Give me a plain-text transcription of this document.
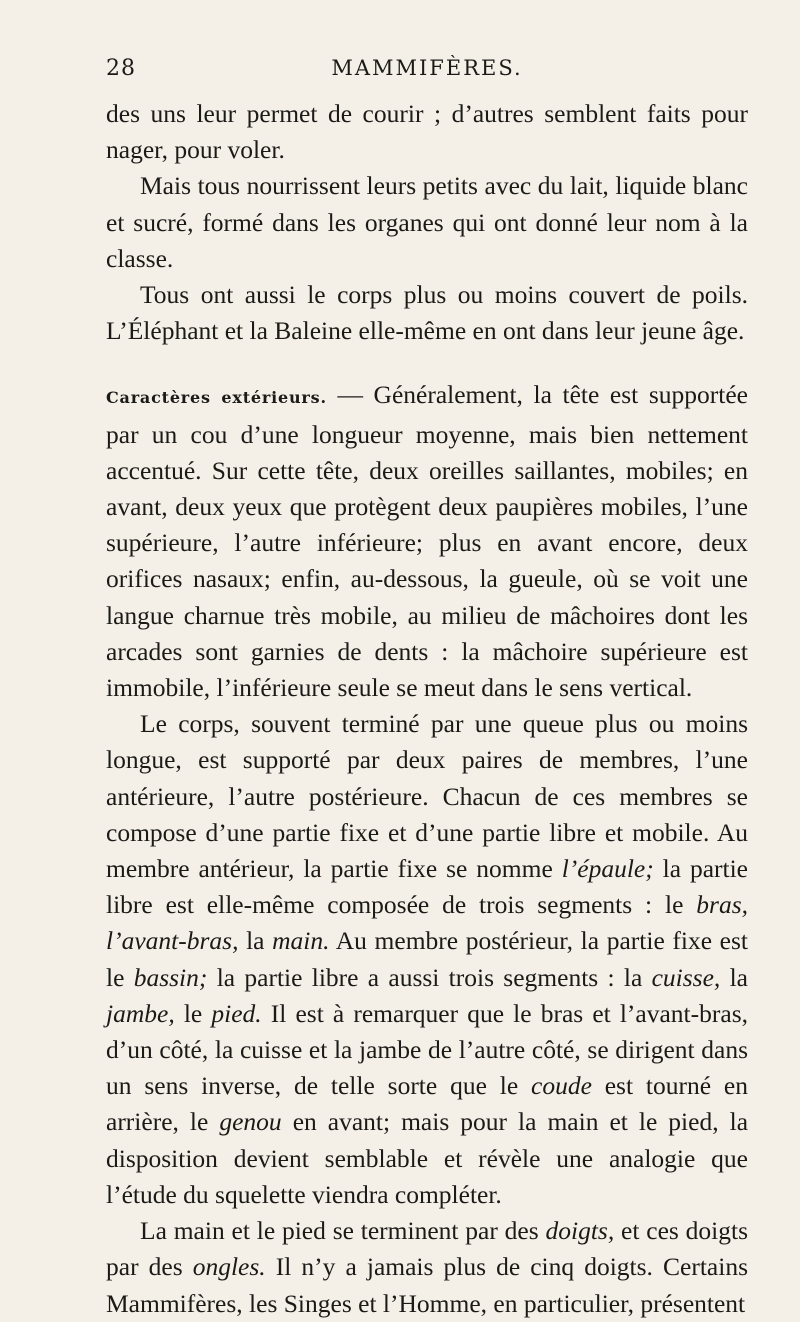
28	MAMMIFÈRES.

des uns leur permet de courir ; d’autres semblent faits pour nager, pour voler.

Mais tous nourrissent leurs petits avec du lait, liquide blanc et sucré, formé dans les organes qui ont donné leur nom à la classe.

Tous ont aussi le corps plus ou moins couvert de poils. L’Éléphant et la Baleine elle-même en ont dans leur jeune âge.

Caractères extérieurs. — Généralement, la tête est supportée par un cou d’une longueur moyenne, mais bien nettement accentué. Sur cette tête, deux oreilles saillantes, mobiles; en avant, deux yeux que protègent deux paupières mobiles, l’une supérieure, l’autre inférieure; plus en avant encore, deux orifices nasaux; enfin, au-dessous, la gueule, où se voit une langue charnue très mobile, au milieu de mâchoires dont les arcades sont garnies de dents : la mâchoire supérieure est immobile, l’inférieure seule se meut dans le sens vertical.

Le corps, souvent terminé par une queue plus ou moins longue, est supporté par deux paires de membres, l’une antérieure, l’autre postérieure. Chacun de ces membres se compose d’une partie fixe et d’une partie libre et mobile. Au membre antérieur, la partie fixe se nomme l’épaule; la partie libre est elle-même composée de trois segments : le bras, l’avant-bras, la main. Au membre postérieur, la partie fixe est le bassin; la partie libre a aussi trois segments : la cuisse, la jambe, le pied. Il est à remarquer que le bras et l’avant-bras, d’un côté, la cuisse et la jambe de l’autre côté, se dirigent dans un sens inverse, de telle sorte que le coude est tourné en arrière, le genou en avant; mais pour la main et le pied, la disposition devient semblable et révèle une analogie que l’étude du squelette viendra compléter.

La main et le pied se terminent par des doigts, et ces doigts par des ongles. Il n’y a jamais plus de cinq doigts. Certains Mammifères, les Singes et l’Homme, en particulier, présentent
